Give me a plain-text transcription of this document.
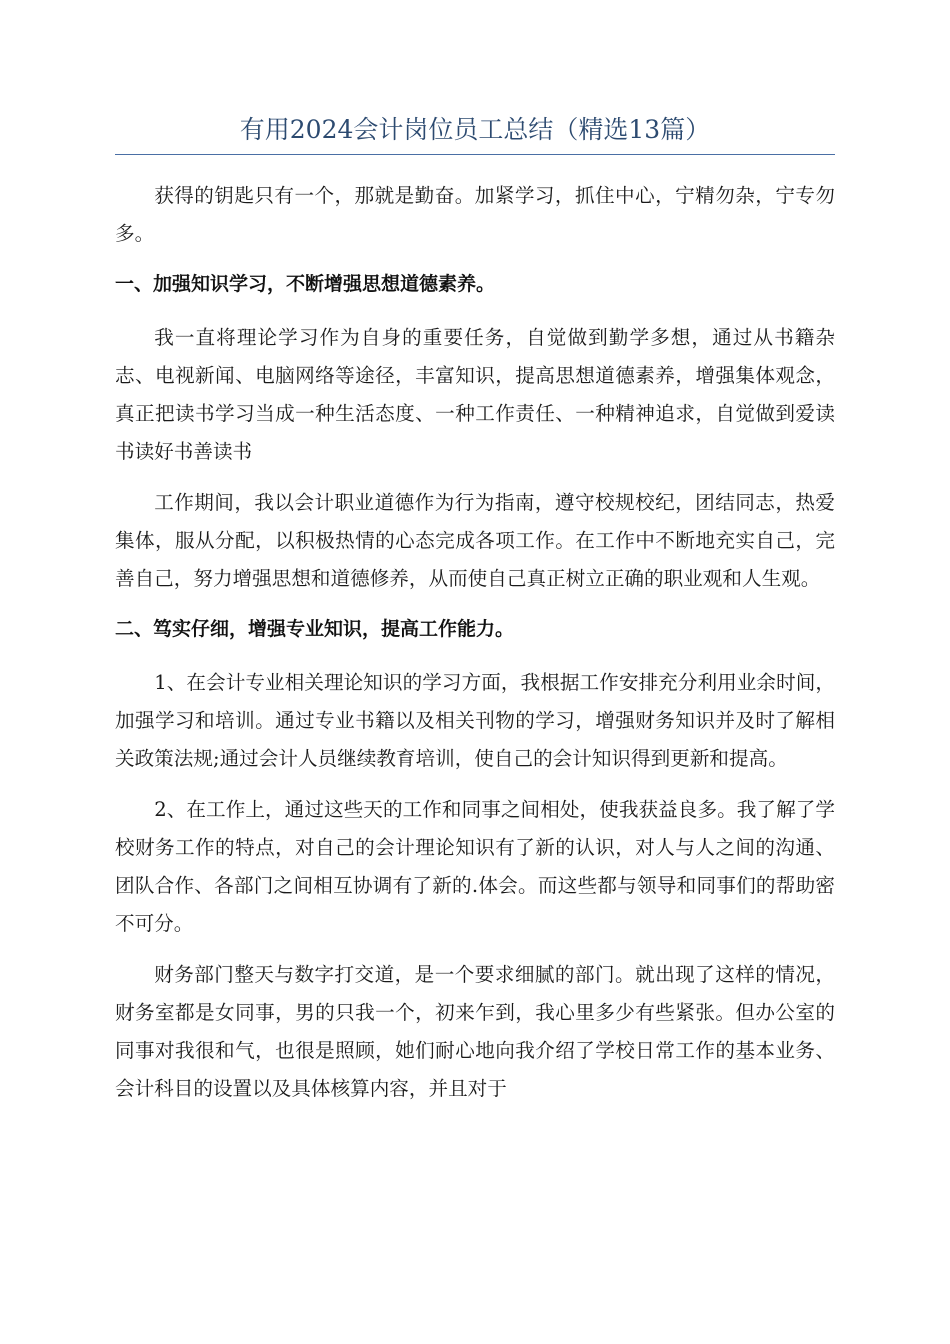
有用2024会计岗位员工总结（精选13篇）

获得的钥匙只有一个，那就是勤奋。加紧学习，抓住中心，宁精勿杂，宁专勿多。

一、加强知识学习，不断增强思想道德素养。

我一直将理论学习作为自身的重要任务，自觉做到勤学多想，通过从书籍杂志、电视新闻、电脑网络等途径，丰富知识，提高思想道德素养，增强集体观念，真正把读书学习当成一种生活态度、一种工作责任、一种精神追求，自觉做到爱读书读好书善读书

工作期间，我以会计职业道德作为行为指南，遵守校规校纪，团结同志，热爱集体，服从分配，以积极热情的心态完成各项工作。在工作中不断地充实自己，完善自己，努力增强思想和道德修养，从而使自己真正树立正确的职业观和人生观。

二、笃实仔细，增强专业知识，提高工作能力。

1、在会计专业相关理论知识的学习方面，我根据工作安排充分利用业余时间，加强学习和培训。通过专业书籍以及相关刊物的学习，增强财务知识并及时了解相关政策法规;通过会计人员继续教育培训，使自己的会计知识得到更新和提高。

2、在工作上，通过这些天的工作和同事之间相处，使我获益良多。我了解了学校财务工作的特点，对自己的会计理论知识有了新的认识，对人与人之间的沟通、团队合作、各部门之间相互协调有了新的.体会。而这些都与领导和同事们的帮助密不可分。

财务部门整天与数字打交道，是一个要求细腻的部门。就出现了这样的情况，财务室都是女同事，男的只我一个，初来乍到，我心里多少有些紧张。但办公室的同事对我很和气，也很是照顾，她们耐心地向我介绍了学校日常工作的基本业务、会计科目的设置以及具体核算内容，并且对于
